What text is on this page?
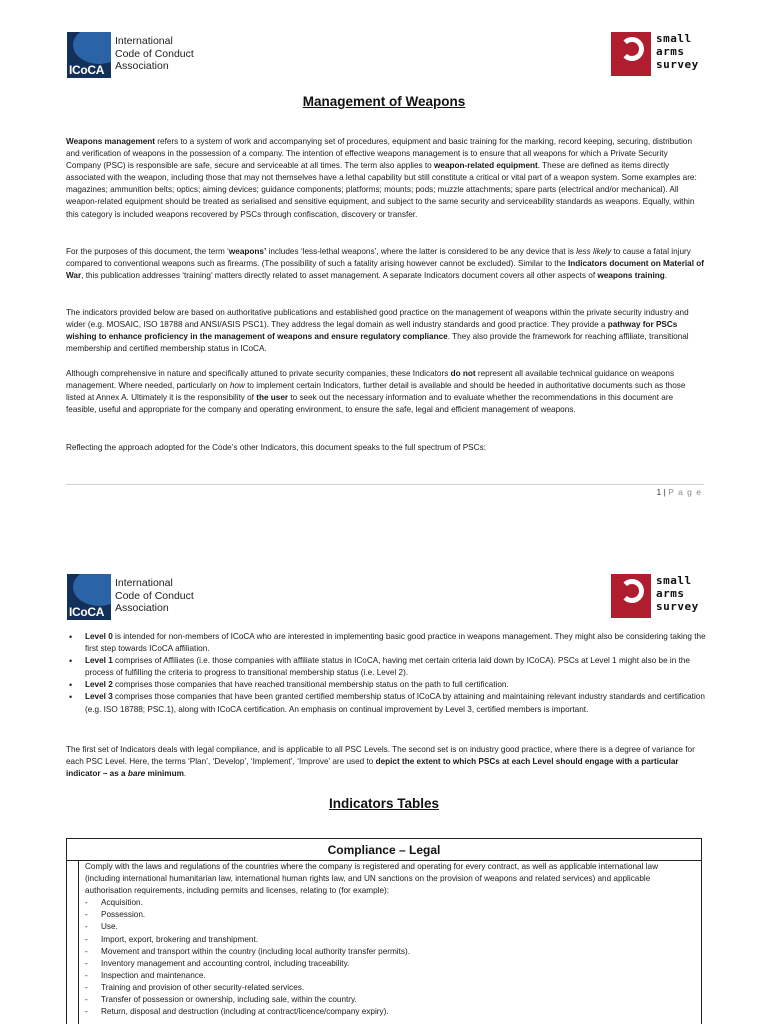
ICoCA
International
Code of Conduct
Association
small
arms
survey
Management of Weapons
Weapons management refers to a system of work and accompanying set of procedures, equipment and basic training for the marking, record keeping, securing, distribution and verification of weapons in the possession of a company. The intention of effective weapons management is to ensure that all weapons for which a Private Security Company (PSC) is responsible are safe, secure and serviceable at all times. The term also applies to weapon-related equipment. These are defined as items directly associated with the weapon, including those that may not themselves have a lethal capability but still constitute a critical or vital part of a weapon system. Some examples are: magazines; ammunition belts; optics; aiming devices; guidance components; platforms; mounts; pods; muzzle attachments; spare parts (electrical and/or mechanical). All weapon-related equipment should be treated as serialised and sensitive equipment, and subject to the same security and serviceability standards as weapons. Equally, within this category is included weapons recovered by PSCs through confiscation, discovery or transfer.
For the purposes of this document, the term ‘weapons’ includes ‘less-lethal weapons’, where the latter is considered to be any device that is less likely to cause a fatal injury compared to conventional weapons such as firearms. (The possibility of such a fatality arising however cannot be excluded). Similar to the Indicators document on Material of War, this publication addresses ‘training’ matters directly related to asset management. A separate Indicators document covers all other aspects of weapons training.
The indicators provided below are based on authoritative publications and established good practice on the management of weapons within the private security industry and wider (e.g. MOSAIC, ISO 18788 and ANSI/ASIS PSC1). They address the legal domain as well industry standards and good practice. They provide a pathway for PSCs wishing to enhance proficiency in the management of weapons and ensure regulatory compliance. They also provide the framework for reaching affiliate, transitional membership and certified membership status in ICoCA.
Although comprehensive in nature and specifically attuned to private security companies, these Indicators do not represent all available technical guidance on weapons management. Where needed, particularly on how to implement certain Indicators, further detail is available and should be heeded in authoritative documents such as those listed at Annex A. Ultimately it is the responsibility of the user to seek out the necessary information and to evaluate whether the recommendations in this document are feasible, useful and appropriate for the company and operating environment, to ensure the safe, legal and efficient management of weapons.
Reflecting the approach adopted for the Code’s other Indicators, this document speaks to the full spectrum of PSCs:
1 | P a g e
ICoCA
International
Code of Conduct
Association
small
arms
survey
• Level 0 is intended for non-members of ICoCA who are interested in implementing basic good practice in weapons management. They might also be considering taking the first step towards ICoCA affiliation.
• Level 1 comprises of Affiliates (i.e. those companies with affiliate status in ICoCA, having met certain criteria laid down by ICoCA). PSCs at Level 1 might also be in the process of fulfilling the criteria to progress to transitional membership status (i.e. Level 2).
• Level 2 comprises those companies that have reached transitional membership status on the path to full certification.
• Level 3 comprises those companies that have been granted certified membership status of ICoCA by attaining and maintaining relevant industry standards and certification (e.g. ISO 18788; PSC.1), along with ICoCA certification. An emphasis on continual improvement by Level 3, certified members is important.
The first set of Indicators deals with legal compliance, and is applicable to all PSC Levels. The second set is on industry good practice, where there is a degree of variance for each PSC Level. Here, the terms ‘Plan’, ‘Develop’, ‘Implement’, ‘Improve’ are used to depict the extent to which PSCs at each Level should engage with a particular indicator – as a bare minimum.
Indicators Tables
Compliance – Legal
Comply with the laws and regulations of the countries where the company is registered and operating for every contract, as well as applicable international law (including international humanitarian law, international human rights law, and UN sanctions on the provision of weapons and related services) and applicable authorisation requirements, including permits and licenses, relating to (for example):
- Acquisition.
- Possession.
- Use.
- Import, export, brokering and transhipment.
- Movement and transport within the country (including local authority transfer permits).
- Inventory management and accounting control, including traceability.
- Inspection and maintenance.
- Training and provision of other security-related services.
- Transfer of possession or ownership, including sale, within the country.
- Return, disposal and destruction (including at contract/licence/company expiry).
